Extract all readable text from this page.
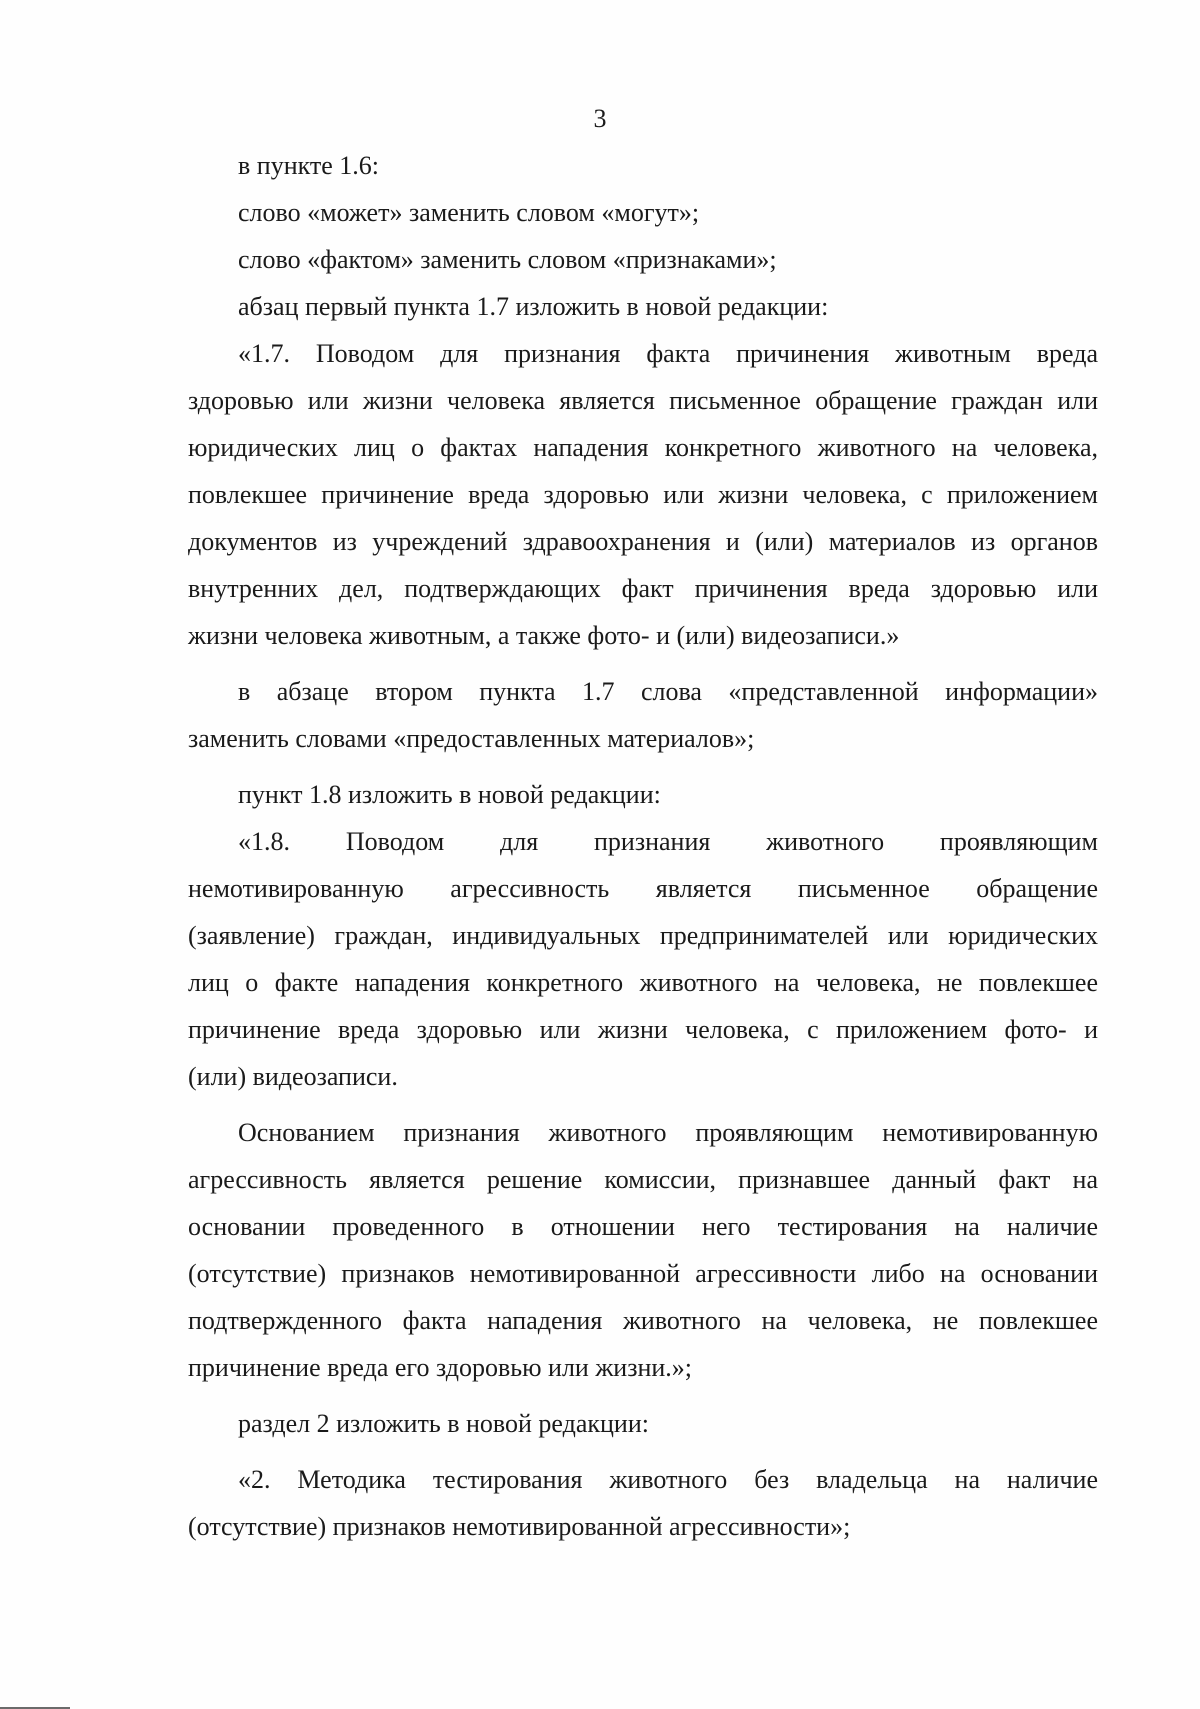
3
в пункте 1.6:
слово «может» заменить словом «могут»;
слово «фактом» заменить словом «признаками»;
абзац первый пункта 1.7 изложить в новой редакции:
«1.7. Поводом для признания факта причинения животным вреда
здоровью или жизни человека является письменное обращение граждан или
юридических лиц о фактах нападения конкретного животного на человека,
повлекшее причинение вреда здоровью или жизни человека, с приложением
документов из учреждений здравоохранения и (или) материалов из органов
внутренних дел, подтверждающих факт причинения вреда здоровью или
жизни человека животным, а также фото- и (или) видеозаписи.»
в абзаце втором пункта 1.7 слова «представленной информации»
заменить словами «предоставленных материалов»;
пункт 1.8 изложить в новой редакции:
«1.8. Поводом для признания животного проявляющим
немотивированную агрессивность является письменное обращение
(заявление) граждан, индивидуальных предпринимателей или юридических
лиц о факте нападения конкретного животного на человека, не повлекшее
причинение вреда здоровью или жизни человека, с приложением фото- и
(или) видеозаписи.
Основанием признания животного проявляющим немотивированную
агрессивность является решение комиссии, признавшее данный факт на
основании проведенного в отношении него тестирования на наличие
(отсутствие) признаков немотивированной агрессивности либо на основании
подтвержденного факта нападения животного на человека, не повлекшее
причинение вреда его здоровью или жизни.»;
раздел 2 изложить в новой редакции:
«2. Методика тестирования животного без владельца на наличие
(отсутствие) признаков немотивированной агрессивности»;
